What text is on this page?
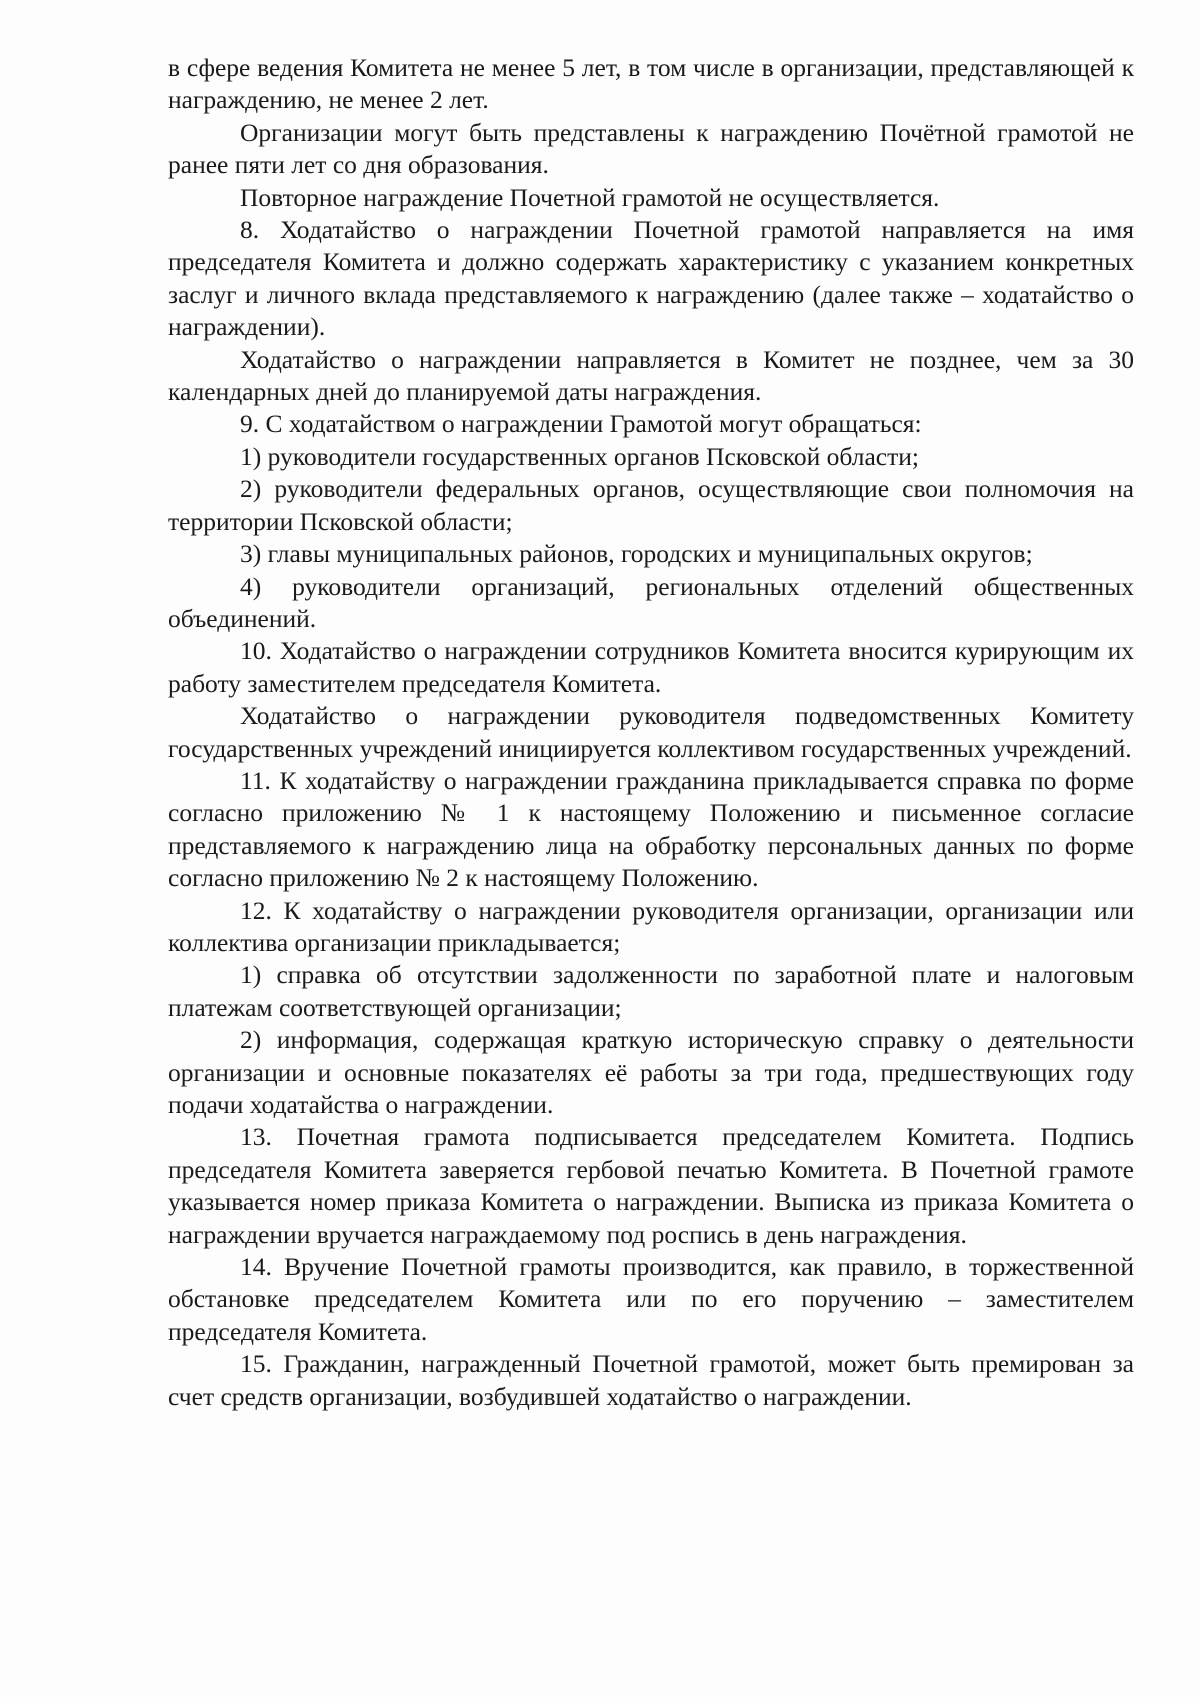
в сфере ведения Комитета не менее 5 лет, в том числе в организации, представляющей к награждению, не менее 2 лет.

Организации могут быть представлены к награждению Почётной грамотой не ранее пяти лет со дня образования.

Повторное награждение Почетной грамотой не осуществляется.

8. Ходатайство о награждении Почетной грамотой направляется на имя председателя Комитета и должно содержать характеристику с указанием конкретных заслуг и личного вклада представляемого к награждению (далее также – ходатайство о награждении).

Ходатайство о награждении направляется в Комитет не позднее, чем за 30 календарных дней до планируемой даты награждения.

9. С ходатайством о награждении Грамотой могут обращаться:

1) руководители государственных органов Псковской области;

2) руководители федеральных органов, осуществляющие свои полномочия на территории Псковской области;

3) главы муниципальных районов, городских и муниципальных округов;

4) руководители организаций, региональных отделений общественных объединений.

10. Ходатайство о награждении сотрудников Комитета вносится курирующим их работу заместителем председателя Комитета.

Ходатайство о награждении руководителя подведомственных Комитету государственных учреждений инициируется коллективом государственных учреждений.

11. К ходатайству о награждении гражданина прикладывается справка по форме согласно приложению № 1 к настоящему Положению и письменное согласие представляемого к награждению лица на обработку персональных данных по форме согласно приложению № 2 к настоящему Положению.

12. К ходатайству о награждении руководителя организации, организации или коллектива организации прикладывается;

1) справка об отсутствии задолженности по заработной плате и налоговым платежам соответствующей организации;

2) информация, содержащая краткую историческую справку о деятельности организации и основные показателях её работы за три года, предшествующих году подачи ходатайства о награждении.

13. Почетная грамота подписывается председателем Комитета. Подпись председателя Комитета заверяется гербовой печатью Комитета. В Почетной грамоте указывается номер приказа Комитета о награждении. Выписка из приказа Комитета о награждении вручается награждаемому под роспись в день награждения.

14. Вручение Почетной грамоты производится, как правило, в торжественной обстановке председателем Комитета или по его поручению – заместителем председателя Комитета.

15. Гражданин, награжденный Почетной грамотой, может быть премирован за счет средств организации, возбудившей ходатайство о награждении.
